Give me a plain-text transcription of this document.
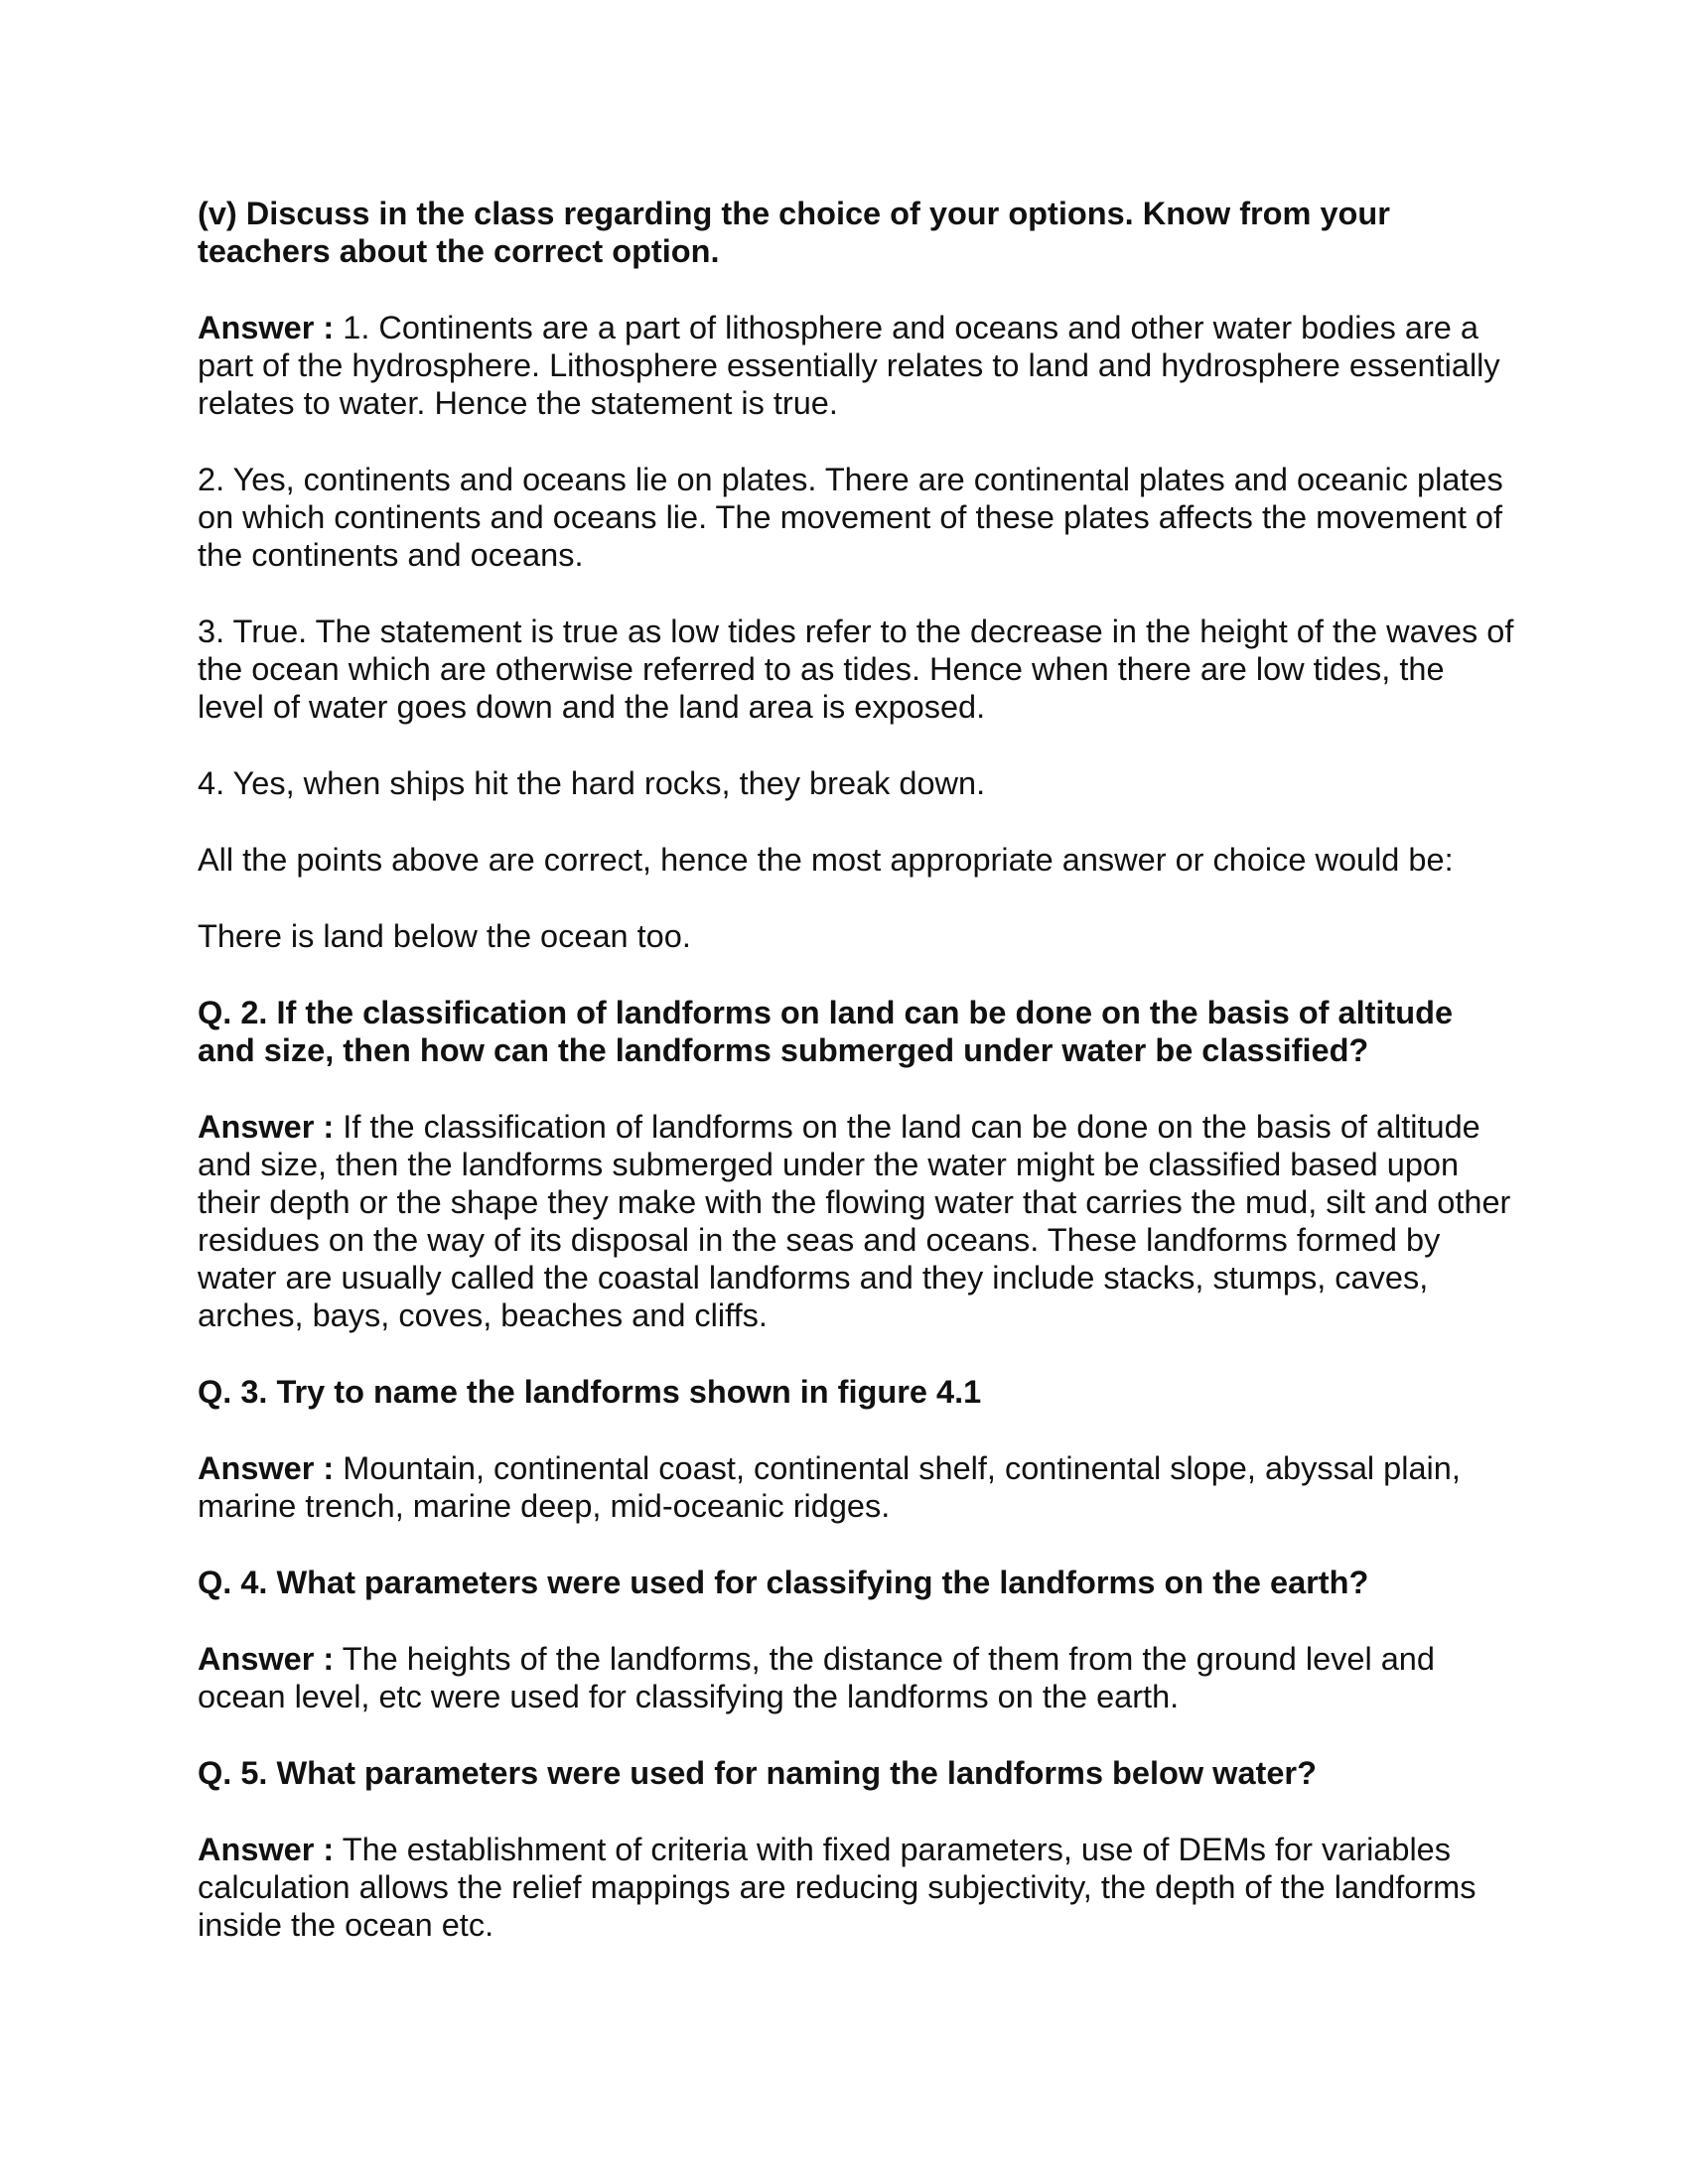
(v) Discuss in the class regarding the choice of your options. Know from your teachers about the correct option.

Answer : 1. Continents are a part of lithosphere and oceans and other water bodies are a part of the hydrosphere. Lithosphere essentially relates to land and hydrosphere essentially relates to water. Hence the statement is true.

2. Yes, continents and oceans lie on plates. There are continental plates and oceanic plates on which continents and oceans lie. The movement of these plates affects the movement of the continents and oceans.

3. True. The statement is true as low tides refer to the decrease in the height of the waves of the ocean which are otherwise referred to as tides. Hence when there are low tides, the level of water goes down and the land area is exposed.

4. Yes, when ships hit the hard rocks, they break down.

All the points above are correct, hence the most appropriate answer or choice would be:

There is land below the ocean too.

Q. 2. If the classification of landforms on land can be done on the basis of altitude and size, then how can the landforms submerged under water be classified?

Answer : If the classification of landforms on the land can be done on the basis of altitude and size, then the landforms submerged under the water might be classified based upon their depth or the shape they make with the flowing water that carries the mud, silt and other residues on the way of its disposal in the seas and oceans. These landforms formed by water are usually called the coastal landforms and they include stacks, stumps, caves, arches, bays, coves, beaches and cliffs.

Q. 3. Try to name the landforms shown in figure 4.1

Answer : Mountain, continental coast, continental shelf, continental slope, abyssal plain, marine trench, marine deep, mid-oceanic ridges.

Q. 4. What parameters were used for classifying the landforms on the earth?

Answer : The heights of the landforms, the distance of them from the ground level and ocean level, etc were used for classifying the landforms on the earth.

Q. 5. What parameters were used for naming the landforms below water?

Answer : The establishment of criteria with fixed parameters, use of DEMs for variables calculation allows the relief mappings are reducing subjectivity, the depth of the landforms inside the ocean etc.
